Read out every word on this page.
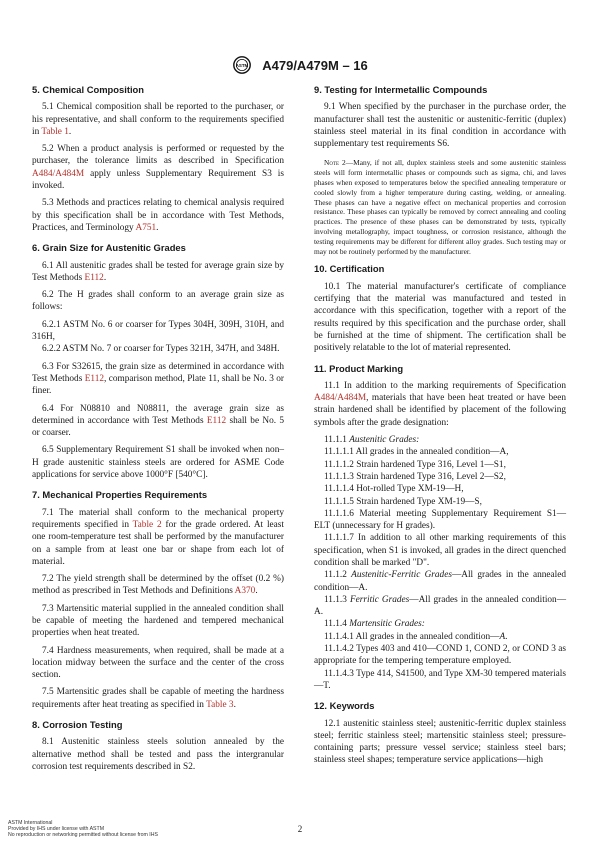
ASTM A479/A479M – 16
5. Chemical Composition

5.1 Chemical composition shall be reported to the purchaser, or his representative, and shall conform to the requirements specified in Table 1.

5.2 When a product analysis is performed or requested by the purchaser, the tolerance limits as described in Specification A484/A484M apply unless Supplementary Requirement S3 is invoked.

5.3 Methods and practices relating to chemical analysis required by this specification shall be in accordance with Test Methods, Practices, and Terminology A751.

6. Grain Size for Austenitic Grades

6.1 All austenitic grades shall be tested for average grain size by Test Methods E112.

6.2 The H grades shall conform to an average grain size as follows:

6.2.1 ASTM No. 6 or coarser for Types 304H, 309H, 310H, and 316H,

6.2.2 ASTM No. 7 or coarser for Types 321H, 347H, and 348H.

6.3 For S32615, the grain size as determined in accordance with Test Methods E112, comparison method, Plate 11, shall be No. 3 or finer.

6.4 For N08810 and N08811, the average grain size as determined in accordance with Test Methods E112 shall be No. 5 or coarser.

6.5 Supplementary Requirement S1 shall be invoked when non–H grade austenitic stainless steels are ordered for ASME Code applications for service above 1000°F [540°C].

7. Mechanical Properties Requirements

7.1 The material shall conform to the mechanical property requirements specified in Table 2 for the grade ordered. At least one room-temperature test shall be performed by the manufacturer on a sample from at least one bar or shape from each lot of material.

7.2 The yield strength shall be determined by the offset (0.2 %) method as prescribed in Test Methods and Definitions A370.

7.3 Martensitic material supplied in the annealed condition shall be capable of meeting the hardened and tempered mechanical properties when heat treated.

7.4 Hardness measurements, when required, shall be made at a location midway between the surface and the center of the cross section.

7.5 Martensitic grades shall be capable of meeting the hardness requirements after heat treating as specified in Table 3.

8. Corrosion Testing

8.1 Austenitic stainless steels solution annealed by the alternative method shall be tested and pass the intergranular corrosion test requirements described in S2.

9. Testing for Intermetallic Compounds

9.1 When specified by the purchaser in the purchase order, the manufacturer shall test the austenitic or austenitic-ferritic (duplex) stainless steel material in its final condition in accordance with supplementary test requirements S6.

Note 2—Many, if not all, duplex stainless steels and some austenitic stainless steels will form intermetallic phases or compounds such as sigma, chi, and laves phases when exposed to temperatures below the specified annealing temperature or cooled slowly from a higher temperature during casting, welding, or annealing. These phases can have a negative effect on mechanical properties and corrosion resistance. These phases can typically be removed by correct annealing and cooling practices. The presence of these phases can be demonstrated by tests, typically involving metallography, impact toughness, or corrosion resistance, although the testing requirements may be different for different alloy grades. Such testing may or may not be routinely performed by the manufacturer.
10. Certification

10.1 The material manufacturer's certificate of compliance certifying that the material was manufactured and tested in accordance with this specification, together with a report of the results required by this specification and the purchase order, shall be furnished at the time of shipment. The certification shall be positively relatable to the lot of material represented.

11. Product Marking

11.1 In addition to the marking requirements of Specification A484/A484M, materials that have been heat treated or have been strain hardened shall be identified by placement of the following symbols after the grade designation:

11.1.1 Austenitic Grades:

11.1.1.1 All grades in the annealed condition—A,

11.1.1.2 Strain hardened Type 316, Level 1—S1,

11.1.1.3 Strain hardened Type 316, Level 2—S2,

11.1.1.4 Hot-rolled Type XM-19—H,

11.1.1.5 Strain hardened Type XM-19—S,

11.1.1.6 Material meeting Supplementary Requirement S1—ELT (unnecessary for H grades).

11.1.1.7 In addition to all other marking requirements of this specification, when S1 is invoked, all grades in the direct quenched condition shall be marked "D".

11.1.2 Austenitic-Ferritic Grades—All grades in the annealed condition—A.

11.1.3 Ferritic Grades—All grades in the annealed condition—A.

11.1.4 Martensitic Grades:

11.1.4.1 All grades in the annealed condition—A.

11.1.4.2 Types 403 and 410—COND 1, COND 2, or COND 3 as appropriate for the tempering temperature employed.

11.1.4.3 Type 414, S41500, and Type XM-30 tempered materials—T.

12. Keywords

12.1 austenitic stainless steel; austenitic-ferritic duplex stainless steel; ferritic stainless steel; martensitic stainless steel; pressure-containing parts; pressure vessel service; stainless steel bars; stainless steel shapes; temperature service applications—high

ASTM International
Provided by IHS under license with ASTM
No reproduction or networking permitted without license from IHS
2
